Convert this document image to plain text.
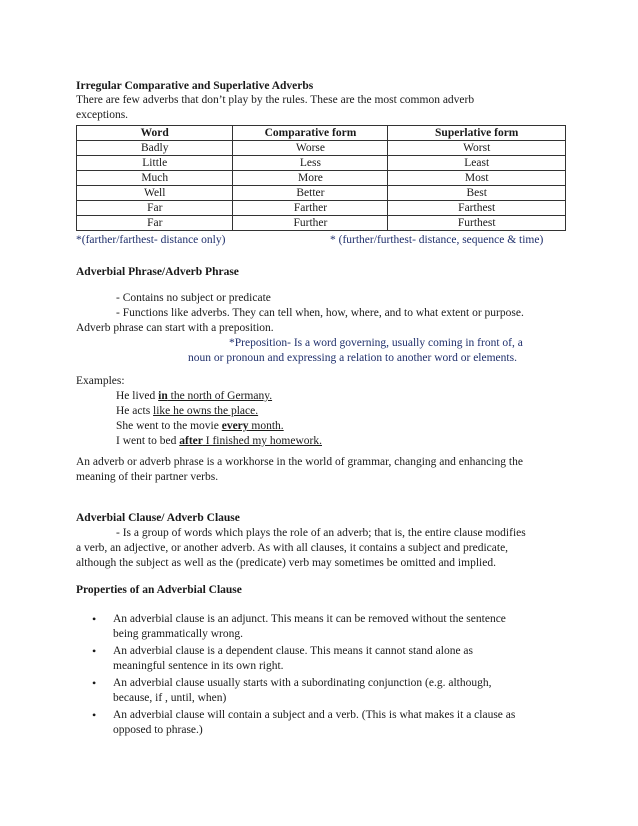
Irregular Comparative and Superlative Adverbs
There are few adverbs that don’t play by the rules. These are the most common adverb
exceptions.
Word	Comparative form	Superlative form
Badly	Worse	Worst
Little	Less	Least
Much	More	Most
Well	Better	Best
Far	Farther	Farthest
Far	Further	Furthest
*(farther/farthest- distance only)	* (further/furthest- distance, sequence & time)
Adverbial Phrase/Adverb Phrase
- Contains no subject or predicate
- Functions like adverbs. They can tell when, how, where, and to what extent or purpose.
Adverb phrase can start with a preposition.
*Preposition- Is a word governing, usually coming in front of, a
noun or pronoun and expressing a relation to another word or elements.
Examples:
He lived in the north of Germany.
He acts like he owns the place.
She went to the movie every month.
I went to bed after I finished my homework.
An adverb or adverb phrase is a workhorse in the world of grammar, changing and enhancing the
meaning of their partner verbs.
Adverbial Clause/ Adverb Clause
- Is a group of words which plays the role of an adverb; that is, the entire clause modifies
a verb, an adjective, or another adverb. As with all clauses, it contains a subject and predicate,
although the subject as well as the (predicate) verb may sometimes be omitted and implied.
Properties of an Adverbial Clause
• An adverbial clause is an adjunct. This means it can be removed without the sentence
being grammatically wrong.
• An adverbial clause is a dependent clause. This means it cannot stand alone as
meaningful sentence in its own right.
• An adverbial clause usually starts with a subordinating conjunction (e.g. although,
because, if , until, when)
• An adverbial clause will contain a subject and a verb. (This is what makes it a clause as
opposed to phrase.)
